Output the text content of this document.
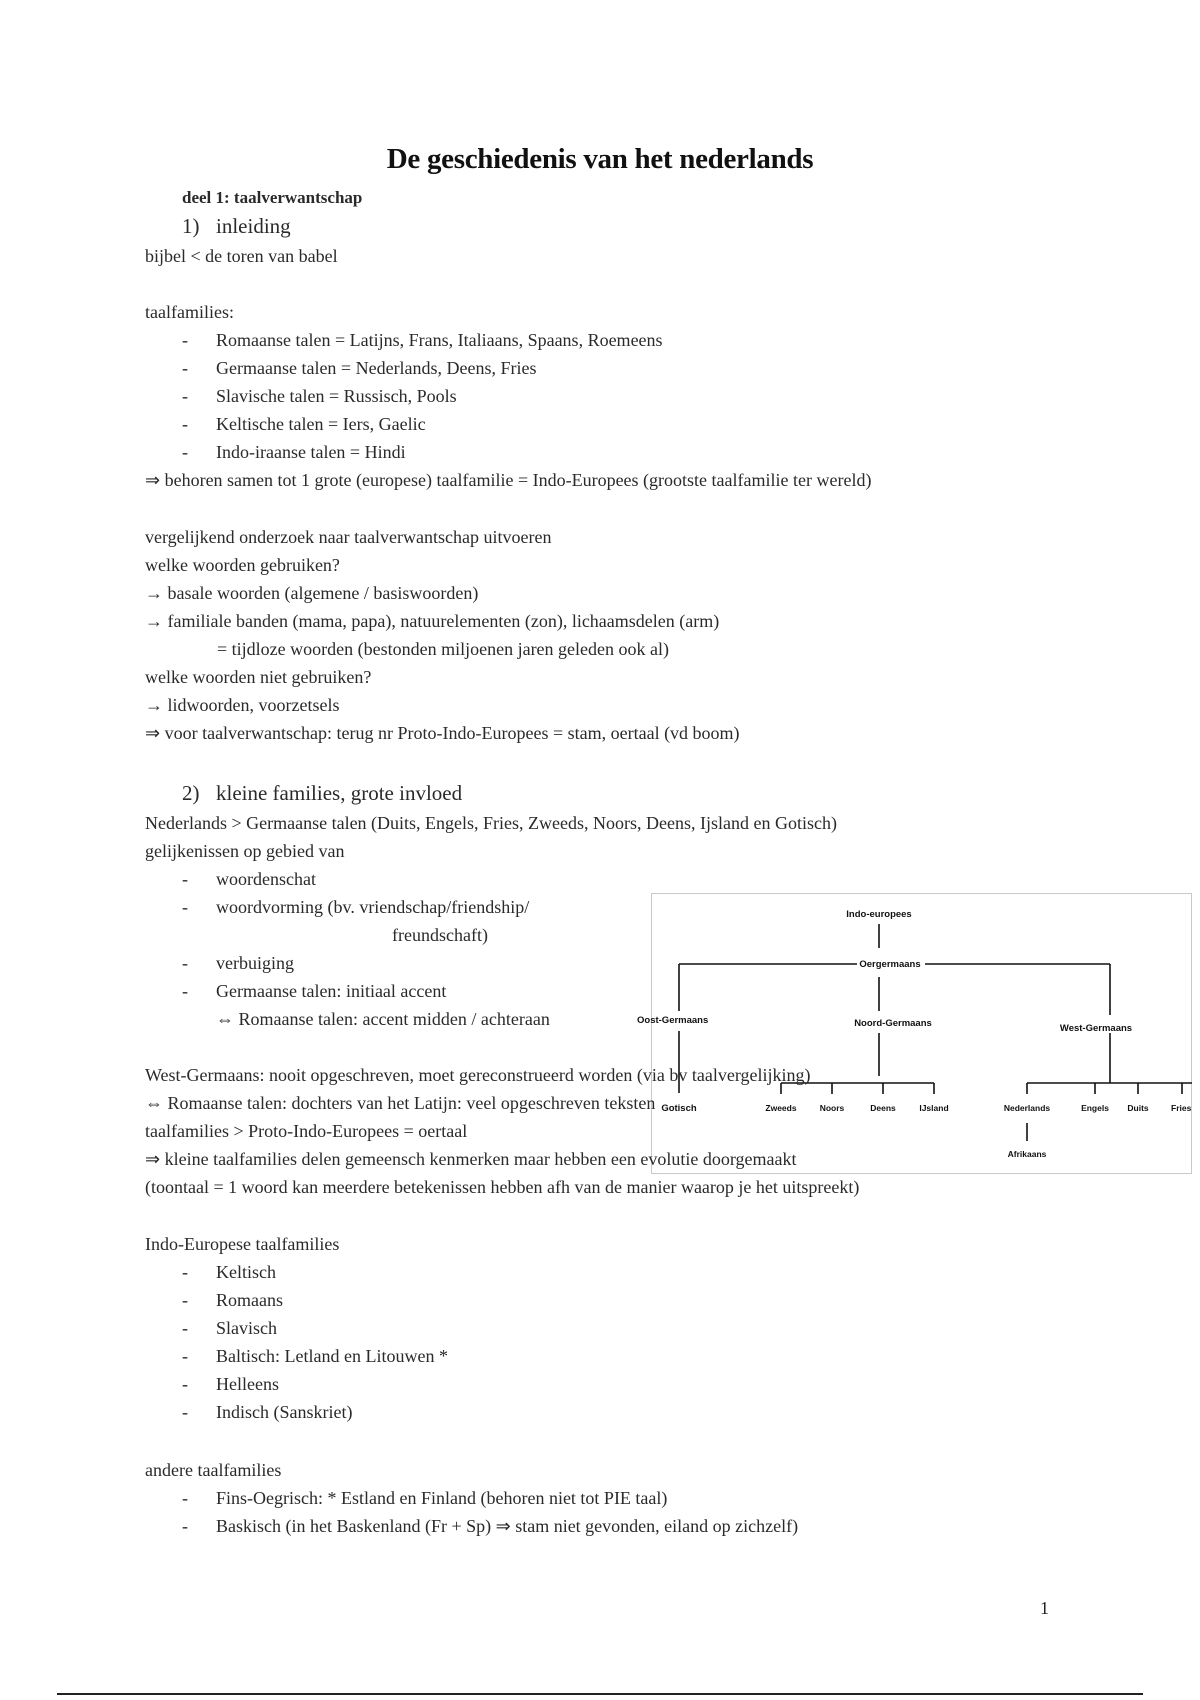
De geschiedenis van het nederlands
deel 1: taalverwantschap
1) inleiding
bijbel < de toren van babel
taalfamilies:
- Romaanse talen = Latijns, Frans, Italiaans, Spaans, Roemeens
- Germaanse talen = Nederlands, Deens, Fries
- Slavische talen = Russisch, Pools
- Keltische talen = Iers, Gaelic
- Indo-iraanse talen = Hindi
⇒ behoren samen tot 1 grote (europese) taalfamilie = Indo-Europees (grootste taalfamilie ter wereld)
vergelijkend onderzoek naar taalverwantschap uitvoeren
welke woorden gebruiken?
→ basale woorden (algemene / basiswoorden)
→ familiale banden (mama, papa), natuurelementen (zon), lichaamsdelen (arm)
= tijdloze woorden (bestonden miljoenen jaren geleden ook al)
welke woorden niet gebruiken?
→ lidwoorden, voorzetsels
⇒ voor taalverwantschap: terug nr Proto-Indo-Europees = stam, oertaal (vd boom)
2) kleine families, grote invloed
Nederlands > Germaanse talen (Duits, Engels, Fries, Zweeds, Noors, Deens, Ijsland en Gotisch)
gelijkenissen op gebied van
- woordenschat
- woordvorming (bv. vriendschap/friendship/
freundschaft)
- verbuiging
- Germaanse talen: initiaal accent
⇔ Romaanse talen: accent midden / achteraan
Indo-europees
Oergermaans
Oost-Germaans	Noord-Germaans	West-Germaans
Gotisch	Zweeds	Noors	Deens	IJsland	Nederlands	Engels Duits	Fries
Afrikaans
West-Germaans: nooit opgeschreven, moet gereconstrueerd worden (via bv taalvergelijking)
⇔ Romaanse talen: dochters van het Latijn: veel opgeschreven teksten
taalfamilies > Proto-Indo-Europees = oertaal
⇒ kleine taalfamilies delen gemeensch kenmerken maar hebben een evolutie doorgemaakt
(toontaal = 1 woord kan meerdere betekenissen hebben afh van de manier waarop je het uitspreekt)
Indo-Europese taalfamilies
- Keltisch
- Romaans
- Slavisch
- Baltisch: Letland en Litouwen *
- Helleens
- Indisch (Sanskriet)
andere taalfamilies
- Fins-Oegrisch: * Estland en Finland (behoren niet tot PIE taal)
- Baskisch (in het Baskenland (Fr + Sp) ⇒ stam niet gevonden, eiland op zichzelf)
1
